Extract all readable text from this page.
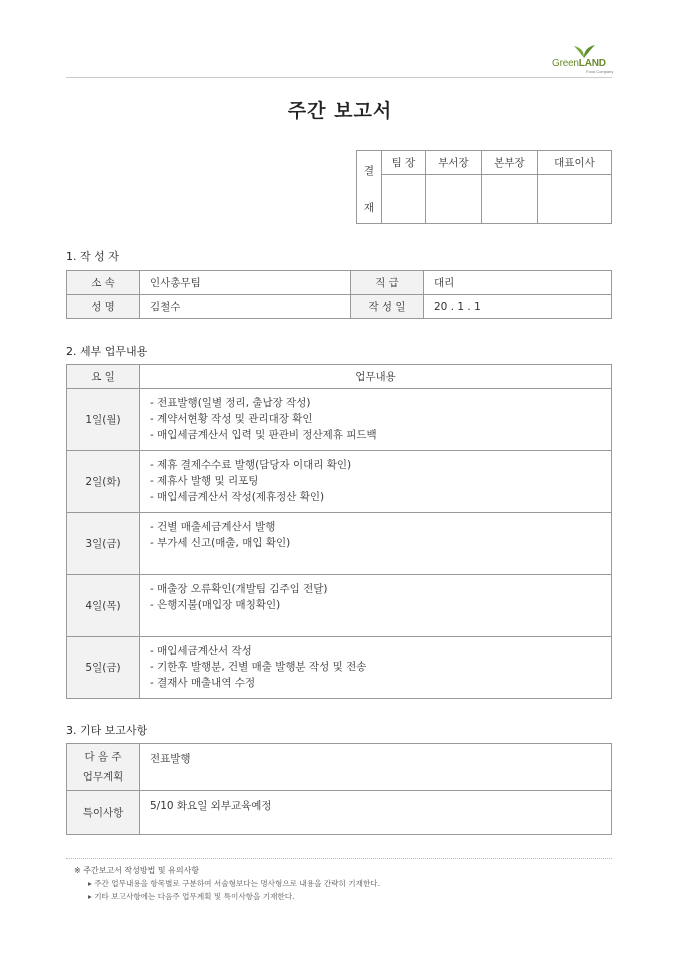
GreenLAND
Food Company
주간 보고서
결
재	팀 장	부서장	본부장	대표이사

1. 작 성 자
소 속	인사총무팀	직 급	대리
성 명	김철수	작 성 일	20 . 1 . 1
2. 세부 업무내용
요 일	업무내용
1일(월)	- 전표발행(일별 정리, 출납장 작성)
- 계약서현황 작성 및 관리대장 확인
- 매입세금계산서 입력 및 판관비 정산제휴 피드백

2일(화)	- 제휴 결제수수료 발행(담당자 이대리 확인)
- 제휴사 발행 및 리포팅
- 매입세금계산서 작성(제휴정산 확인)

3일(금)	- 건별 매출세금계산서 발행
- 부가세 신고(매출, 매입 확인)

4일(목)	- 매출장 오류확인(개발팀 김주임 전달)
- 은행지불(매입장 매칭확인)

5일(금)	- 매입세금계산서 작성
- 기한후 발행분, 건별 매출 발행분 작성 및 전송
- 결재사 매출내역 수정
3. 기타 보고사항
다 음 주
업무계획	전표발행
특이사항	5/10 화요일 외부교육예정
※ 주간보고서 작성방법 및 유의사항
▸ 주간 업무내용을 항목별로 구분하여 서술형보다는 명사형으로 내용을 간략히 기재한다.
▸ 기타 보고사항에는 다음주 업무계획 및 특이사항을 기재한다.
